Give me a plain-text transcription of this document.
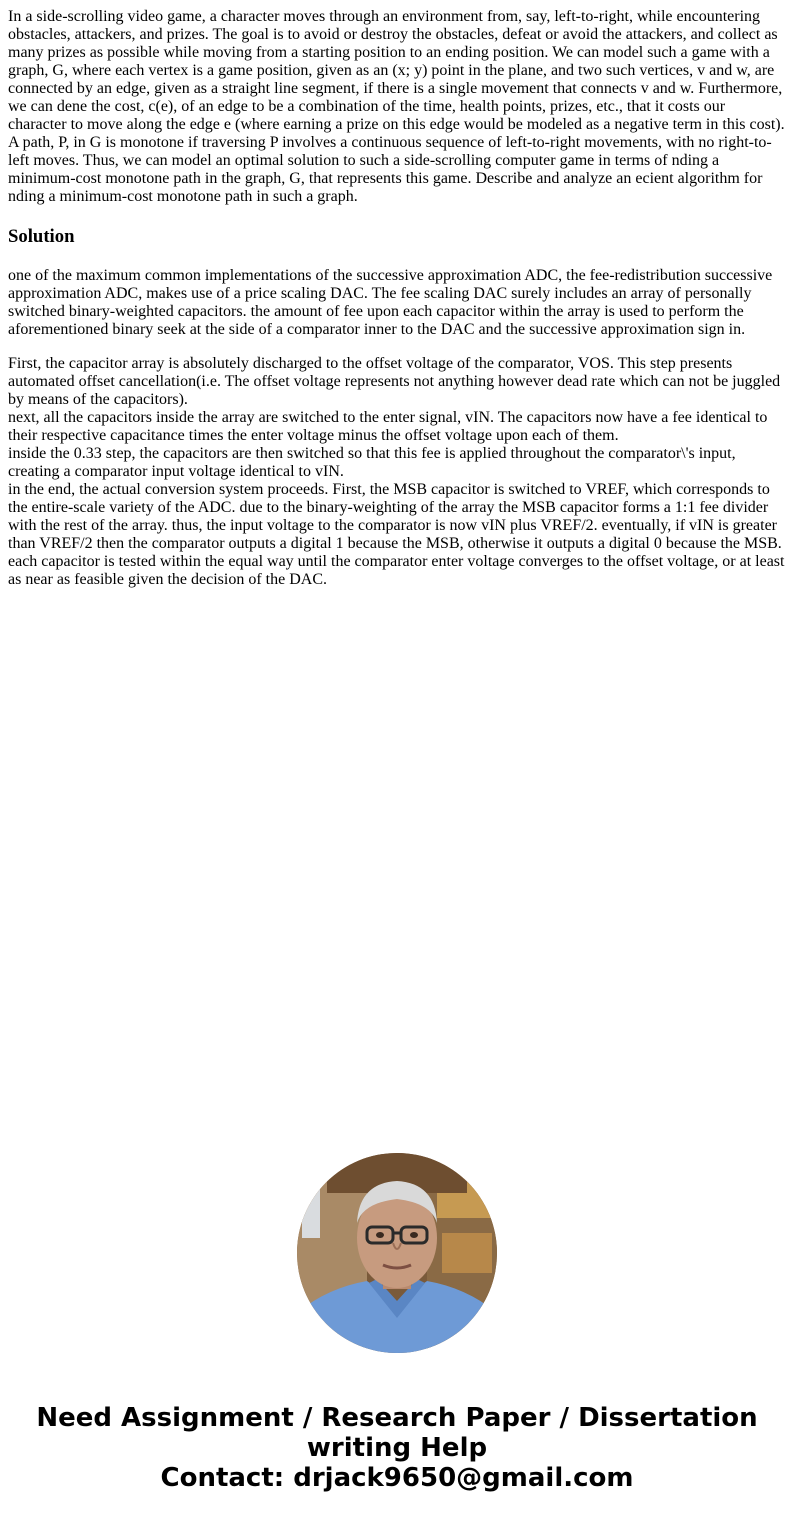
In a side-scrolling video game, a character moves through an environment from, say, left-to-right, while encountering obstacles, attackers, and prizes. The goal is to avoid or destroy the obstacles, defeat or avoid the attackers, and collect as many prizes as possible while moving from a starting position to an ending position. We can model such a game with a graph, G, where each vertex is a game position, given as an (x; y) point in the plane, and two such vertices, v and w, are connected by an edge, given as a straight line segment, if there is a single movement that connects v and w. Furthermore, we can dene the cost, c(e), of an edge to be a combination of the time, health points, prizes, etc., that it costs our character to move along the edge e (where earning a prize on this edge would be modeled as a negative term in this cost). A path, P, in G is monotone if traversing P involves a continuous sequence of left-to-right movements, with no right-to-left moves. Thus, we can model an optimal solution to such a side-scrolling computer game in terms of nding a minimum-cost monotone path in the graph, G, that represents this game. Describe and analyze an ecient algorithm for nding a minimum-cost monotone path in such a graph.

Solution

one of the maximum common implementations of the successive approximation ADC, the fee-redistribution successive approximation ADC, makes use of a price scaling DAC. The fee scaling DAC surely includes an array of personally switched binary-weighted capacitors. the amount of fee upon each capacitor within the array is used to perform the aforementioned binary seek at the side of a comparator inner to the DAC and the successive approximation sign in.

First, the capacitor array is absolutely discharged to the offset voltage of the comparator, VOS. This step presents automated offset cancellation(i.e. The offset voltage represents not anything however dead rate which can not be juggled by means of the capacitors).
next, all the capacitors inside the array are switched to the enter signal, vIN. The capacitors now have a fee identical to their respective capacitance times the enter voltage minus the offset voltage upon each of them.
inside the 0.33 step, the capacitors are then switched so that this fee is applied throughout the comparator\'s input, creating a comparator input voltage identical to vIN.
in the end, the actual conversion system proceeds. First, the MSB capacitor is switched to VREF, which corresponds to the entire-scale variety of the ADC. due to the binary-weighting of the array the MSB capacitor forms a 1:1 fee divider with the rest of the array. thus, the input voltage to the comparator is now vIN plus VREF/2. eventually, if vIN is greater than VREF/2 then the comparator outputs a digital 1 because the MSB, otherwise it outputs a digital 0 because the MSB. each capacitor is tested within the equal way until the comparator enter voltage converges to the offset voltage, or at least as near as feasible given the decision of the DAC.
Need Assignment / Research Paper / Dissertation
writing Help
Contact: drjack9650@gmail.com
